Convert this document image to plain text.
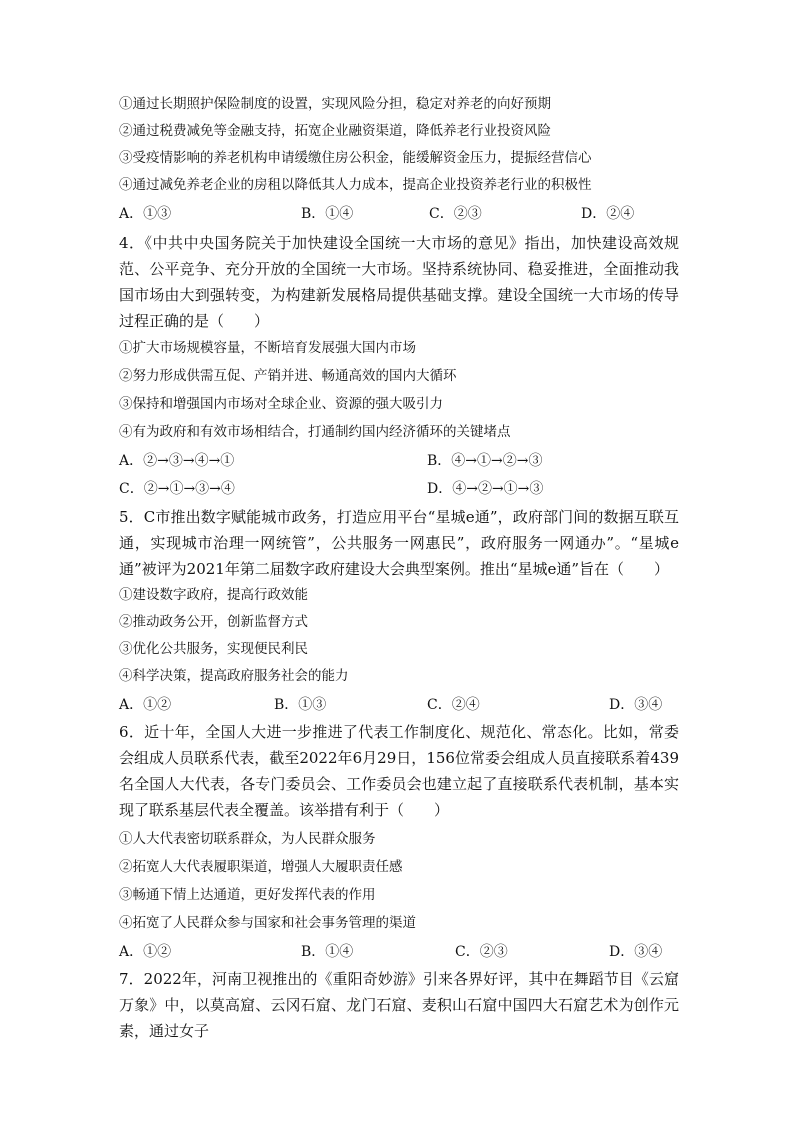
①通过长期照护保险制度的设置，实现风险分担，稳定对养老的向好预期
②通过税费减免等金融支持，拓宽企业融资渠道，降低养老行业投资风险
③受疫情影响的养老机构申请缓缴住房公积金，能缓解资金压力，提振经营信心
④通过减免养老企业的房租以降低其人力成本，提高企业投资养老行业的积极性
A．①③	B．①④	C．②③	D．②④
4．《中共中央国务院关于加快建设全国统一大市场的意见》指出，加快建设高效规范、公平竞争、充分开放的全国统一大市场。坚持系统协同、稳妥推进，全面推动我国市场由大到强转变，为构建新发展格局提供基础支撑。建设全国统一大市场的传导过程正确的是（　　）
①扩大市场规模容量，不断培育发展强大国内市场
②努力形成供需互促、产销并进、畅通高效的国内大循环
③保持和增强国内市场对全球企业、资源的强大吸引力
④有为政府和有效市场相结合，打通制约国内经济循环的关键堵点
A．②→③→④→①	B．④→①→②→③
C．②→①→③→④	D．④→②→①→③
5．C市推出数字赋能城市政务，打造应用平台“星城e通”，政府部门间的数据互联互通，实现城市治理一网统管”，公共服务一网惠民”，政府服务一网通办”。“星城e通”被评为2021年第二届数字政府建设大会典型案例。推出“星城e通”旨在（　　）
①建设数字政府，提高行政效能
②推动政务公开，创新监督方式
③优化公共服务，实现便民利民
④科学决策，提高政府服务社会的能力
A．①②	B．①③	C．②④	D．③④
6．近十年，全国人大进一步推进了代表工作制度化、规范化、常态化。比如，常委会组成人员联系代表，截至2022年6月29日，156位常委会组成人员直接联系着439名全国人大代表，各专门委员会、工作委员会也建立起了直接联系代表机制，基本实现了联系基层代表全覆盖。该举措有利于（　　）
①人大代表密切联系群众，为人民群众服务
②拓宽人大代表履职渠道，增强人大履职责任感
③畅通下情上达通道，更好发挥代表的作用
④拓宽了人民群众参与国家和社会事务管理的渠道
A．①②	B．①④	C．②③	D．③④
7．2022年，河南卫视推出的《重阳奇妙游》引来各界好评，其中在舞蹈节目《云窟万象》中，以莫高窟、云冈石窟、龙门石窟、麦积山石窟中国四大石窟艺术为创作元素，通过女子
